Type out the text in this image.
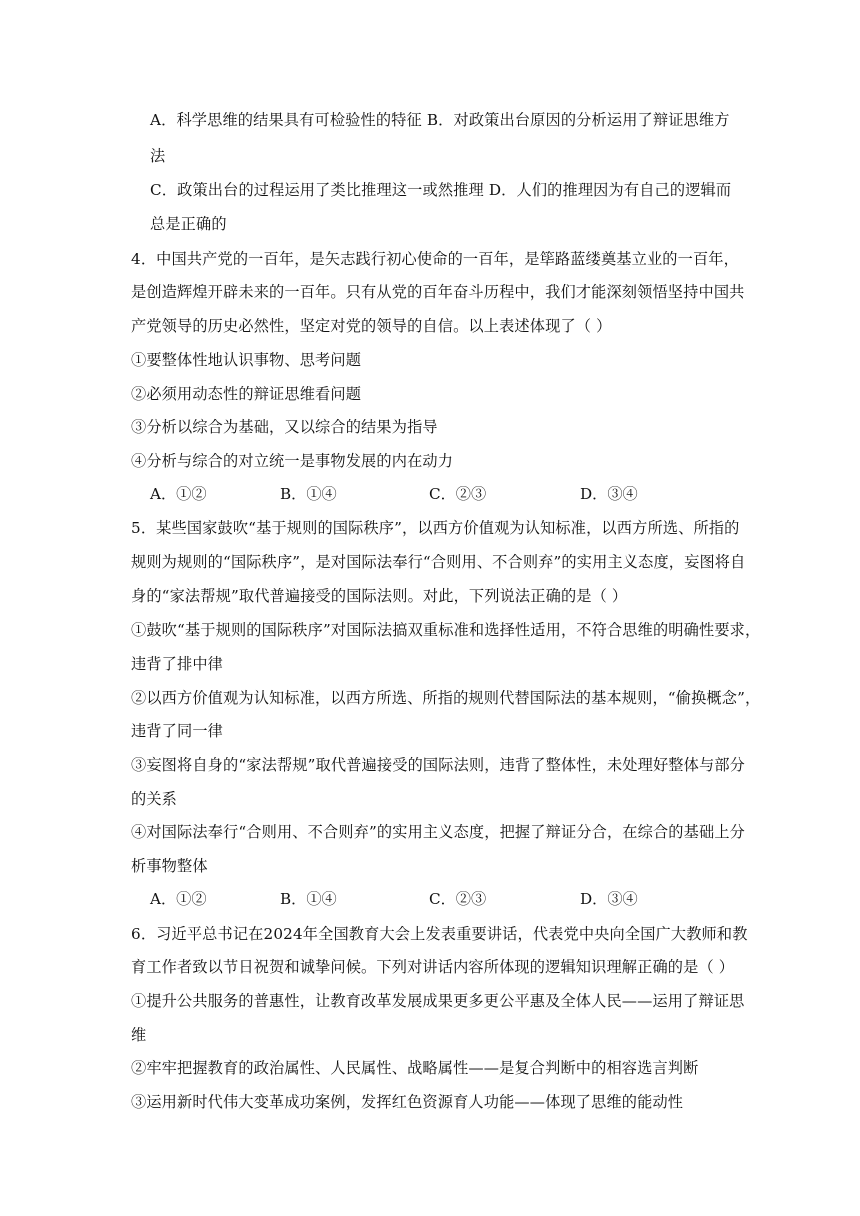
A．科学思维的结果具有可检验性的特征 B．对政策出台原因的分析运用了辩证思维方
法
C．政策出台的过程运用了类比推理这一或然推理 D．人们的推理因为有自己的逻辑而
总是正确的
4．中国共产党的一百年，是矢志践行初心使命的一百年，是筚路蓝缕奠基立业的一百年，
是创造辉煌开辟未来的一百年。只有从党的百年奋斗历程中，我们才能深刻领悟坚持中国共
产党领导的历史必然性，坚定对党的领导的自信。以上表述体现了（ ）
①要整体性地认识事物、思考问题
②必须用动态性的辩证思维看问题
③分析以综合为基础，又以综合的结果为指导
④分析与综合的对立统一是事物发展的内在动力
A．①②	B．①④	C．②③	D．③④
5．某些国家鼓吹“基于规则的国际秩序”，以西方价值观为认知标准，以西方所选、所指的
规则为规则的“国际秩序”，是对国际法奉行“合则用、不合则弃”的实用主义态度，妄图将自
身的“家法帮规”取代普遍接受的国际法则。对此，下列说法正确的是（ ）
①鼓吹“基于规则的国际秩序”对国际法搞双重标准和选择性适用，不符合思维的明确性要求，
违背了排中律
②以西方价值观为认知标准，以西方所选、所指的规则代替国际法的基本规则，“偷换概念”，
违背了同一律
③妄图将自身的“家法帮规”取代普遍接受的国际法则，违背了整体性，未处理好整体与部分
的关系
④对国际法奉行“合则用、不合则弃”的实用主义态度，把握了辩证分合，在综合的基础上分
析事物整体
A．①②	B．①④	C．②③	D．③④
6．习近平总书记在2024年全国教育大会上发表重要讲话，代表党中央向全国广大教师和教
育工作者致以节日祝贺和诚挚问候。下列对讲话内容所体现的逻辑知识理解正确的是（ ）
①提升公共服务的普惠性，让教育改革发展成果更多更公平惠及全体人民——运用了辩证思
维
②牢牢把握教育的政治属性、人民属性、战略属性——是复合判断中的相容选言判断
③运用新时代伟大变革成功案例，发挥红色资源育人功能——体现了思维的能动性
